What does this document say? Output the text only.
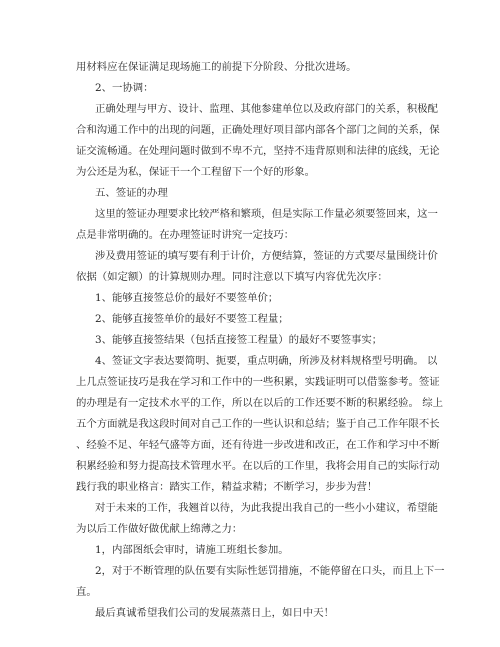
用材料应在保证满足现场施工的前提下分阶段、分批次进场。
2、一协调：
正确处理与甲方、设计、监理、其他参建单位以及政府部门的关系，积极配
合和沟通工作中的出现的问题，正确处理好项目部内部各个部门之间的关系，保
证交流畅通。在处理问题时做到不卑不亢，坚持不违背原则和法律的底线，无论
为公还是为私，保证干一个工程留下一个好的形象。
五、签证的办理
这里的签证办理要求比较严格和繁琐，但是实际工作量必须要签回来，这一
点是非常明确的。在办理签证时讲究一定技巧：
涉及费用签证的填写要有利于计价，方便结算，签证的方式要尽量围绕计价
依据（如定额）的计算规则办理。同时注意以下填写内容优先次序：
1、能够直接签总价的最好不要签单价；
2、能够直接签单价的最好不要签工程量；
3、能够直接签结果（包括直接签工程量）的最好不要签事实；
4、签证文字表达要简明、扼要，重点明确，所涉及材料规格型号明确。 以
上几点签证技巧是我在学习和工作中的一些积累，实践证明可以借鉴参考。签证
的办理是有一定技术水平的工作，所以在以后的工作还要不断的积累经验。 综上
五个方面就是我这段时间对自己工作的一些认识和总结；鉴于自己工作年限不长
、经验不足、年轻气盛等方面，还有待进一步改进和改正，在工作和学习中不断
积累经验和努力提高技术管理水平。在以后的工作里，我将会用自己的实际行动
践行我的职业格言：踏实工作，精益求精；不断学习，步步为营！
对于未来的工作，我翘首以待，为此我提出我自己的一些小小建议，希望能
为以后工作做好做优献上绵薄之力：
1，内部图纸会审时，请施工班组长参加。
2，对于不断管理的队伍要有实际性惩罚措施，不能停留在口头，而且上下一
直。
最后真诚希望我们公司的发展蒸蒸日上，如日中天！
